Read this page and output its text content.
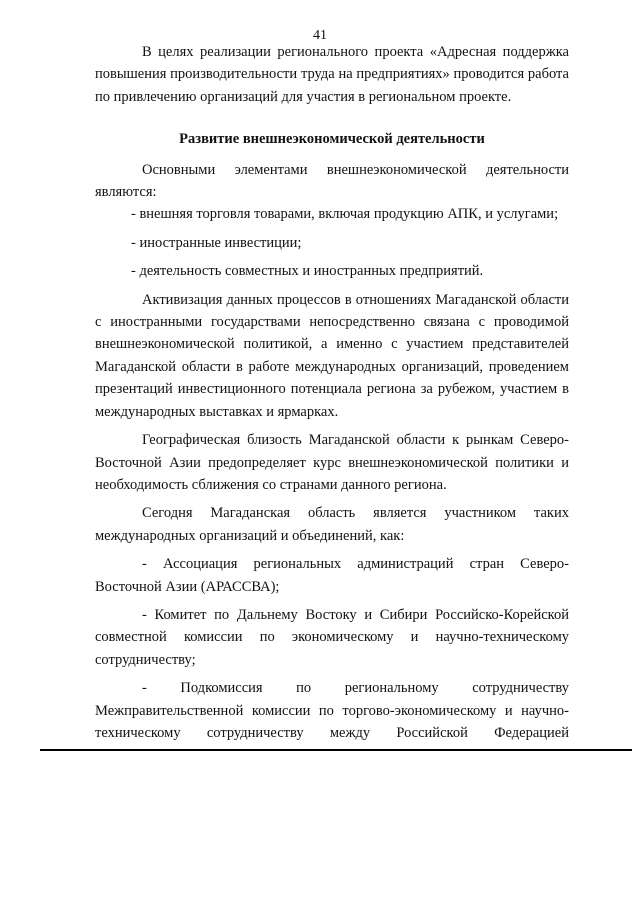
41

В целях реализации регионального проекта «Адресная поддержка повышения производительности труда на предприятиях» проводится работа по привлечению организаций для участия в региональном проекте.

Развитие внешнеэкономической деятельности

Основными элементами внешнеэкономической деятельности являются:

- внешняя торговля товарами, включая продукцию АПК, и услугами;

- иностранные инвестиции;

- деятельность совместных и иностранных предприятий.

Активизация данных процессов в отношениях Магаданской области с иностранными государствами непосредственно связана с проводимой внешнеэкономической политикой, а именно с участием представителей Магаданской области в работе международных организаций, проведением презентаций инвестиционного потенциала региона за рубежом, участием в международных выставках и ярмарках.

Географическая близость Магаданской области к рынкам Северо-Восточной Азии предопределяет курс внешнеэкономической политики и необходимость сближения со странами данного региона.

Сегодня Магаданская область является участником таких международных организаций и объединений, как:

- Ассоциация региональных администраций стран Северо-Восточной Азии (АРАССВА);

- Комитет по Дальнему Востоку и Сибири Российско-Корейской совместной комиссии по экономическому и научно-техническому сотрудничеству;

- Подкомиссия по региональному сотрудничеству Межправительственной комиссии по торгово-экономическому и научно-техническому сотрудничеству между Российской Федерацией
